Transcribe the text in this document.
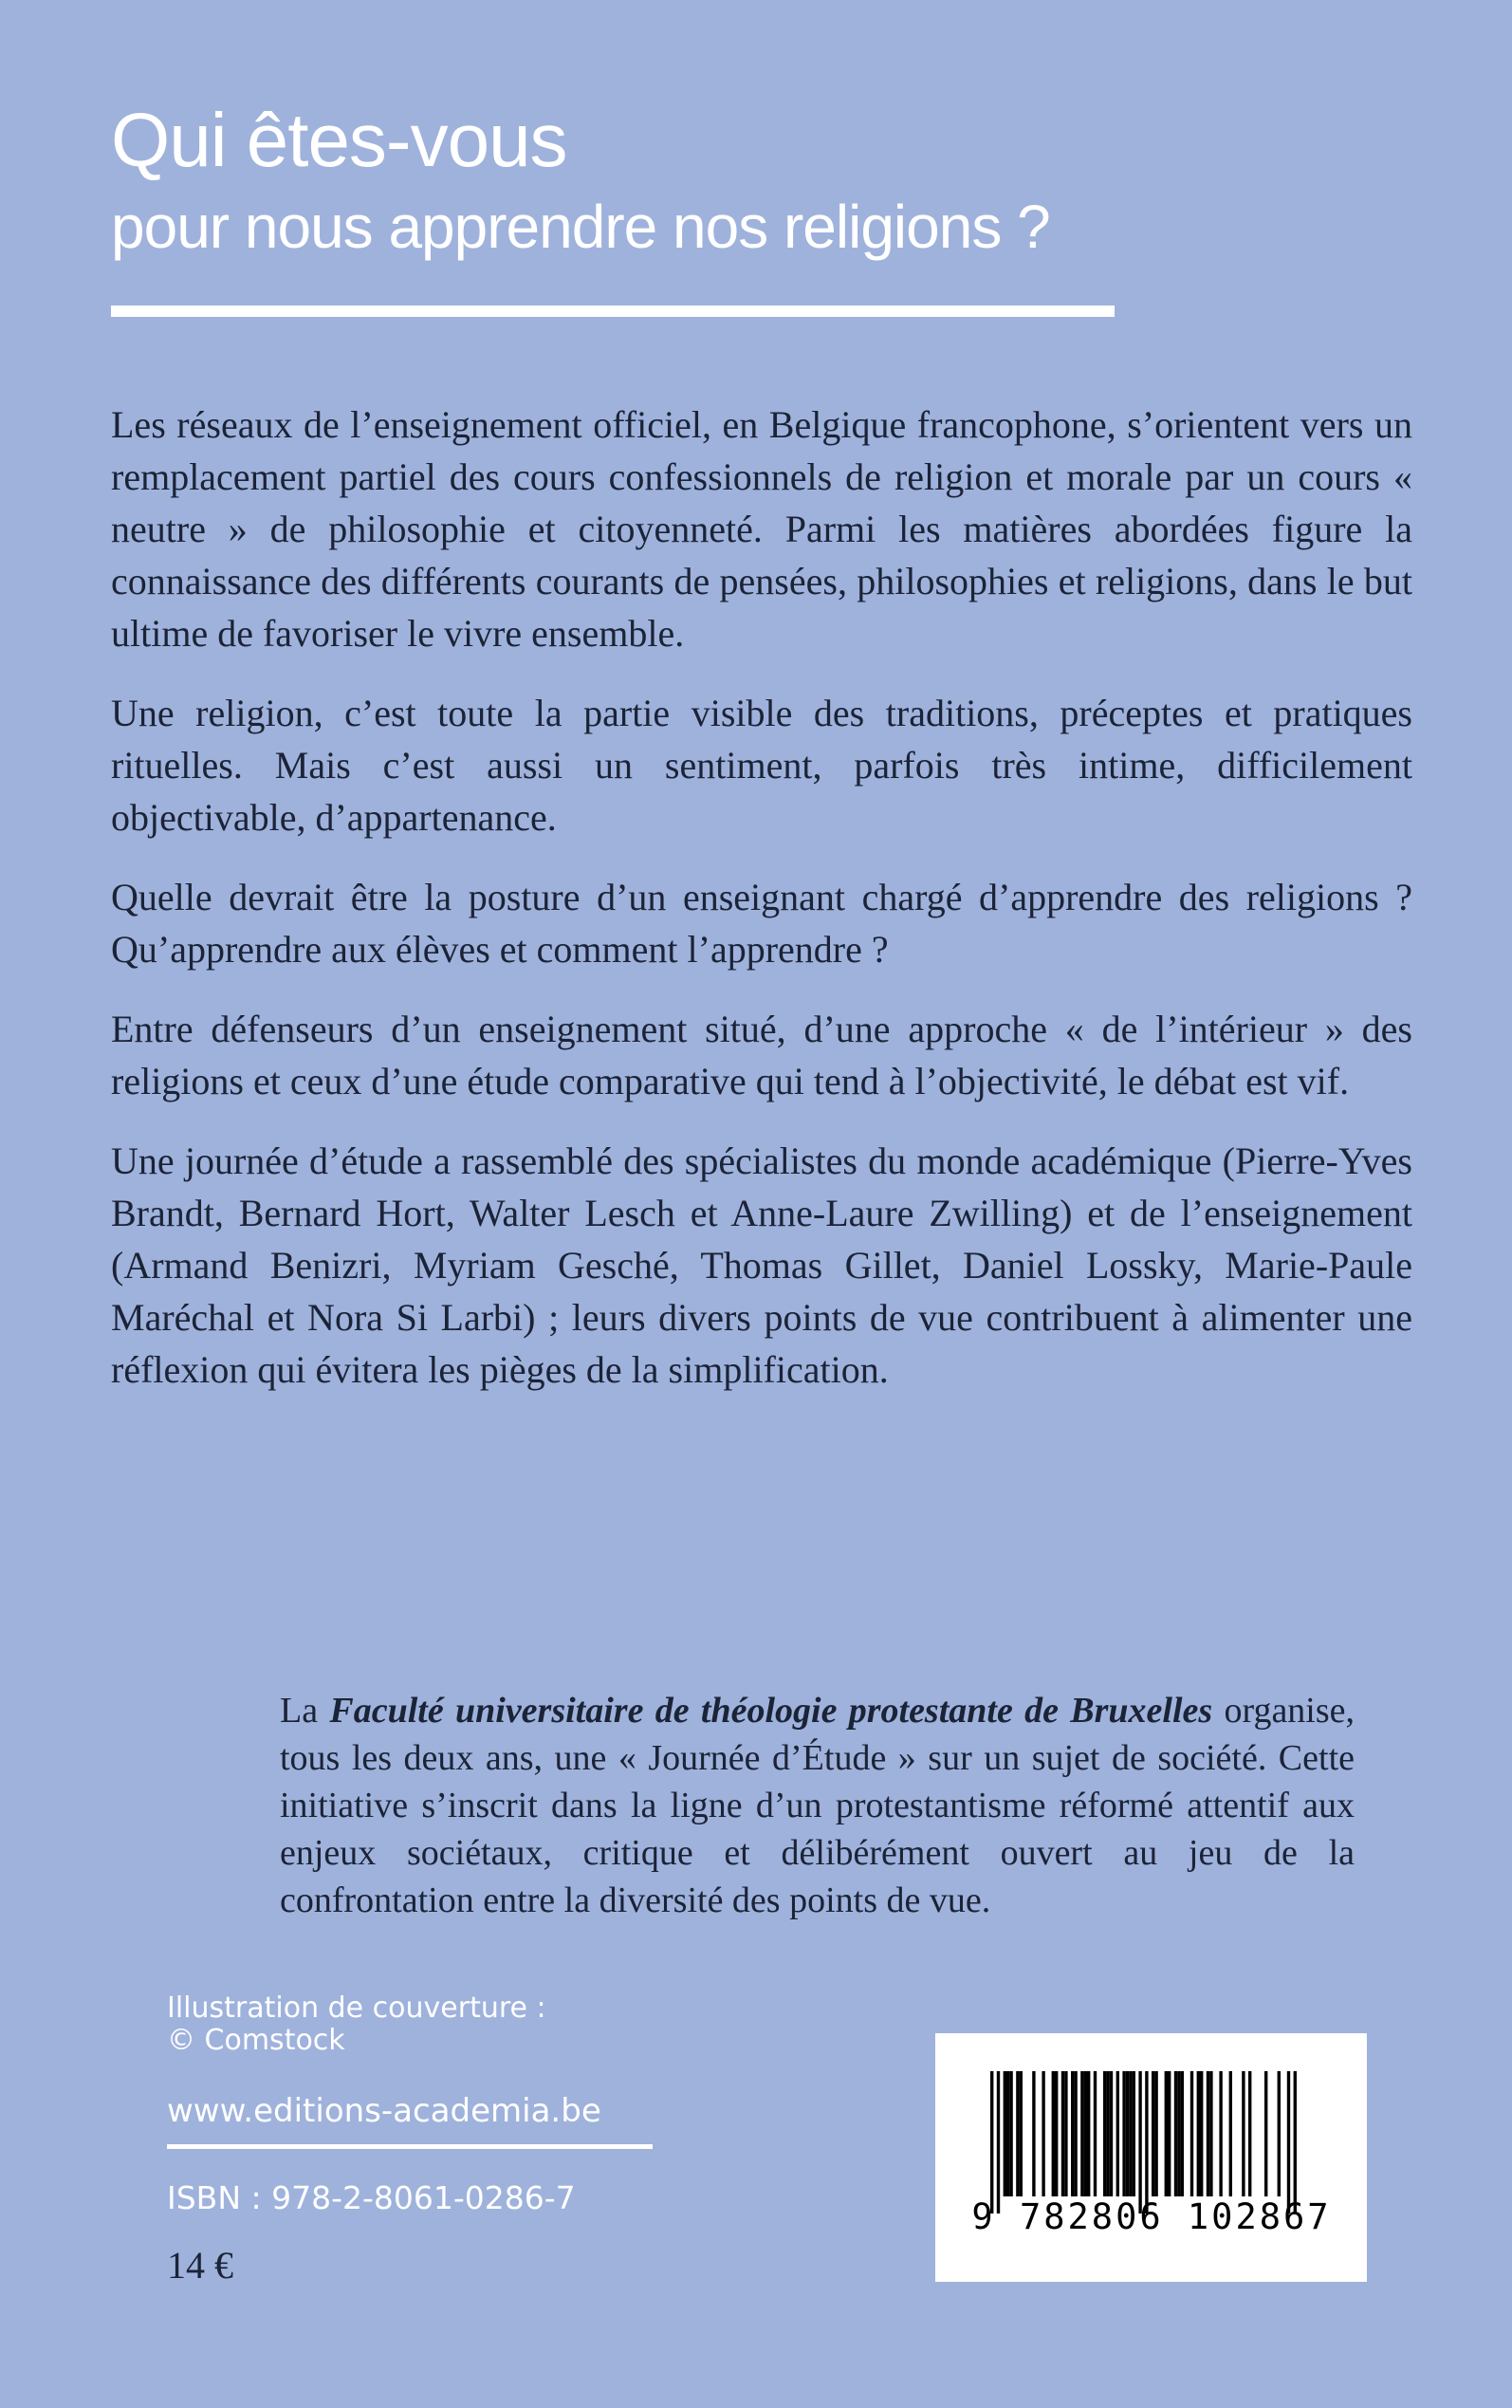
Qui êtes-vous
pour nous apprendre nos religions ?

Les réseaux de l’enseignement officiel, en Belgique francophone, s’orientent vers un remplacement partiel des cours confessionnels de religion et morale par un cours « neutre » de philosophie et citoyenneté. Parmi les matières abordées figure la connaissance des différents courants de pensées, philosophies et religions, dans le but ultime de favoriser le vivre ensemble.

Une religion, c’est toute la partie visible des traditions, préceptes et pratiques rituelles. Mais c’est aussi un sentiment, parfois très intime, difficilement objectivable, d’appartenance.

Quelle devrait être la posture d’un enseignant chargé d’apprendre des religions ? Qu’apprendre aux élèves et comment l’apprendre ?

Entre défenseurs d’un enseignement situé, d’une approche « de l’intérieur » des religions et ceux d’une étude comparative qui tend à l’objectivité, le débat est vif.

Une journée d’étude a rassemblé des spécialistes du monde académique (Pierre-Yves Brandt, Bernard Hort, Walter Lesch et Anne-Laure Zwilling) et de l’enseignement (Armand Benizri, Myriam Gesché, Thomas Gillet, Daniel Lossky, Marie-Paule Maréchal et Nora Si Larbi) ; leurs divers points de vue contribuent à alimenter une réflexion qui évitera les pièges de la simplification.

La Faculté universitaire de théologie protestante de Bruxelles organise, tous les deux ans, une « Journée d’Étude » sur un sujet de société. Cette initiative s’inscrit dans la ligne d’un protestantisme réformé attentif aux enjeux sociétaux, critique et délibérément ouvert au jeu de la confrontation entre la diversité des points de vue.
Illustration de couverture :
© Comstock
www.editions-academia.be
ISBN : 978-2-8061-0286-7
14 €
9 782806 102867
